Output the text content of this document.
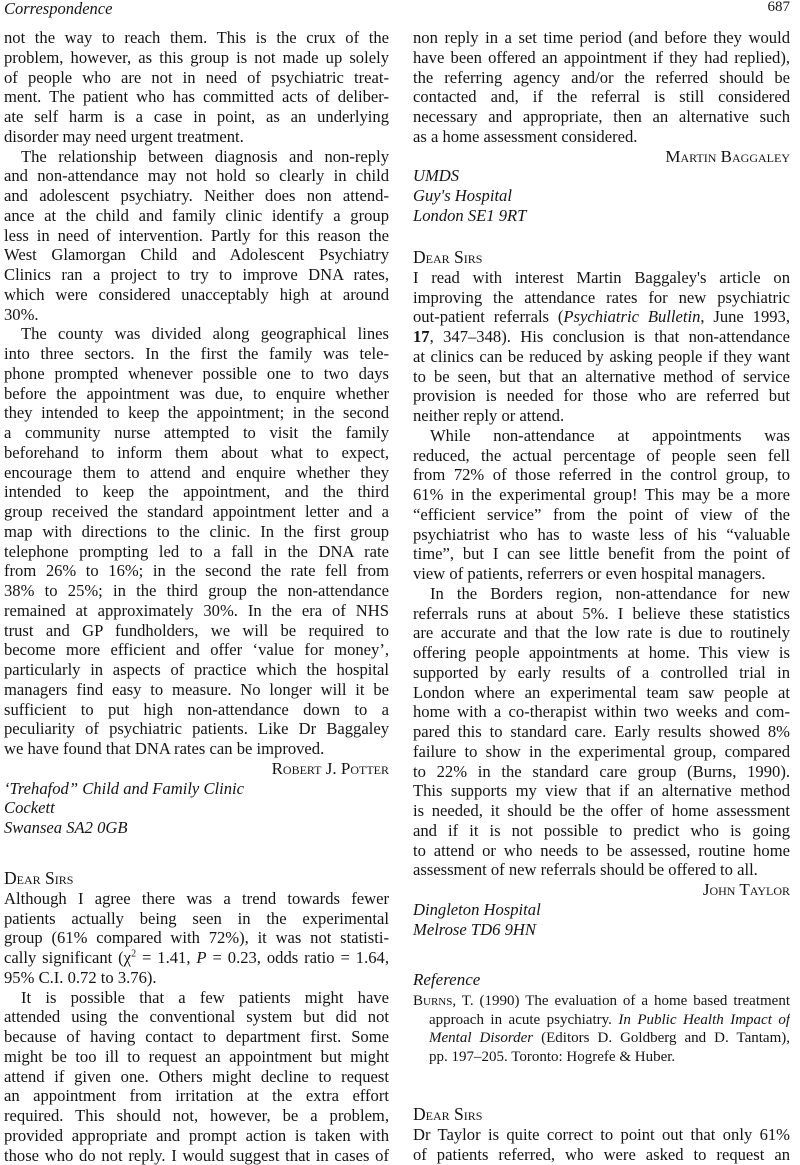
Correspondence	687
not the way to reach them. This is the crux of the
problem, however, as this group is not made up solely
of people who are not in need of psychiatric treat-
ment. The patient who has committed acts of deliber-
ate self harm is a case in point, as an underlying
disorder may need urgent treatment.
The relationship between diagnosis and non-reply
and non-attendance may not hold so clearly in child
and adolescent psychiatry. Neither does non attend-
ance at the child and family clinic identify a group
less in need of intervention. Partly for this reason the
West Glamorgan Child and Adolescent Psychiatry
Clinics ran a project to try to improve DNA rates,
which were considered unacceptably high at around
30%.
The county was divided along geographical lines
into three sectors. In the first the family was tele-
phone prompted whenever possible one to two days
before the appointment was due, to enquire whether
they intended to keep the appointment; in the second
a community nurse attempted to visit the family
beforehand to inform them about what to expect,
encourage them to attend and enquire whether they
intended to keep the appointment, and the third
group received the standard appointment letter and a
map with directions to the clinic. In the first group
telephone prompting led to a fall in the DNA rate
from 26% to 16%; in the second the rate fell from
38% to 25%; in the third group the non-attendance
remained at approximately 30%. In the era of NHS
trust and GP fundholders, we will be required to
become more efficient and offer ‘value for money’,
particularly in aspects of practice which the hospital
managers find easy to measure. No longer will it be
sufficient to put high non-attendance down to a
peculiarity of psychiatric patients. Like Dr Baggaley
we have found that DNA rates can be improved.
Robert J. Potter
‘Trehafod” Child and Family Clinic
Cockett
Swansea SA2 0GB
Dear Sirs
Although I agree there was a trend towards fewer
patients actually being seen in the experimental
group (61% compared with 72%), it was not statisti-
cally significant ($\chi^2 = 1.41$, P = 0.23, odds ratio = 1.64,
95% C.I. 0.72 to 3.76).
It is possible that a few patients might have
attended using the conventional system but did not
because of having contact to department first. Some
might be too ill to request an appointment but might
attend if given one. Others might decline to request
an appointment from irritation at the extra effort
required. This should not, however, be a problem,
provided appropriate and prompt action is taken with
those who do not reply. I would suggest that in cases of
non reply in a set time period (and before they would
have been offered an appointment if they had replied),
the referring agency and/or the referred should be
contacted and, if the referral is still considered
necessary and appropriate, then an alternative such
as a home assessment considered.
Martin Baggaley
UMDS
Guy's Hospital
London SE1 9RT
Dear Sirs
I read with interest Martin Baggaley's article on
improving the attendance rates for new psychiatric
out-patient referrals (Psychiatric Bulletin, June 1993,
17, 347–348). His conclusion is that non-attendance
at clinics can be reduced by asking people if they want
to be seen, but that an alternative method of service
provision is needed for those who are referred but
neither reply or attend.
While non-attendance at appointments was
reduced, the actual percentage of people seen fell
from 72% of those referred in the control group, to
61% in the experimental group! This may be a more
“efficient service” from the point of view of the
psychiatrist who has to waste less of his “valuable
time”, but I can see little benefit from the point of
view of patients, referrers or even hospital managers.
In the Borders region, non-attendance for new
referrals runs at about 5%. I believe these statistics
are accurate and that the low rate is due to routinely
offering people appointments at home. This view is
supported by early results of a controlled trial in
London where an experimental team saw people at
home with a co-therapist within two weeks and com-
pared this to standard care. Early results showed 8%
failure to show in the experimental group, compared
to 22% in the standard care group (Burns, 1990).
This supports my view that if an alternative method
is needed, it should be the offer of home assessment
and if it is not possible to predict who is going
to attend or who needs to be assessed, routine home
assessment of new referrals should be offered to all.
John Taylor
Dingleton Hospital
Melrose TD6 9HN
Reference
Burns, T. (1990) The evaluation of a home based treatment
approach in acute psychiatry. In Public Health Impact of
Mental Disorder (Editors D. Goldberg and D. Tantam),
pp. 197–205. Toronto: Hogrefe & Huber.
Dear Sirs
Dr Taylor is quite correct to point out that only 61%
of patients referred, who were asked to request an
